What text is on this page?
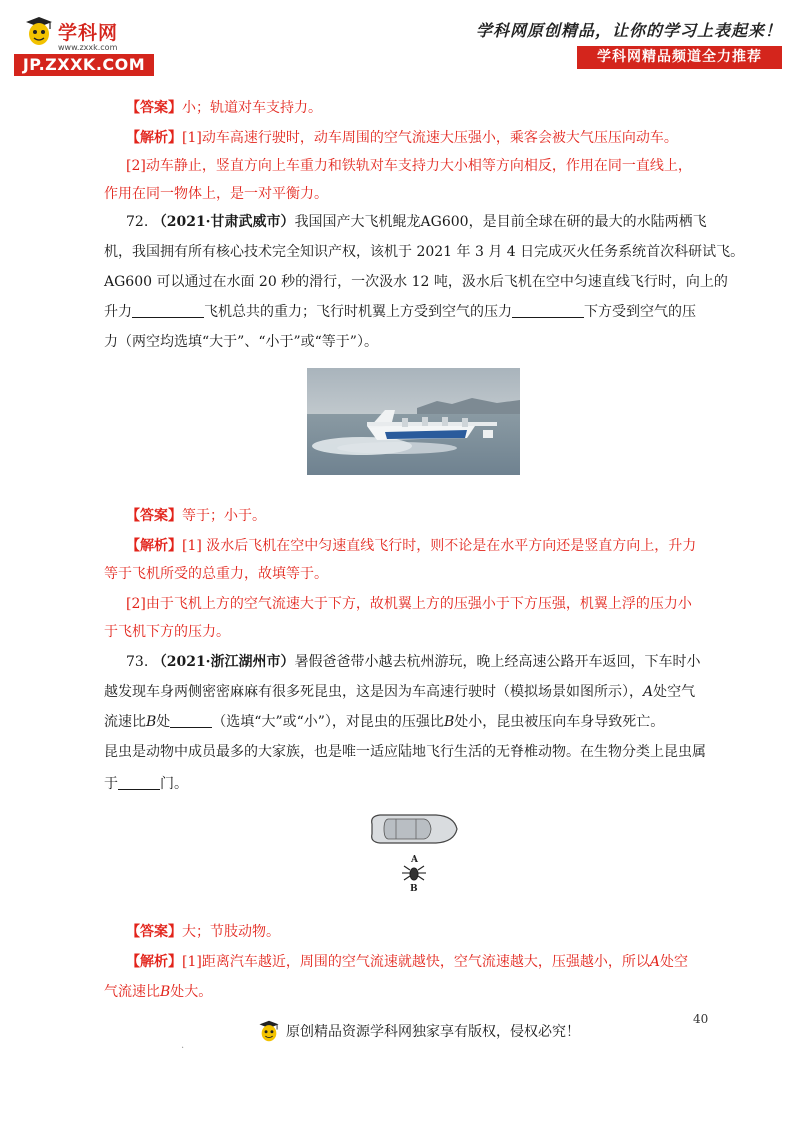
学科网
www.zxxk.com
JP.ZXXK.COM
学科网原创精品，让你的学习上表起来！
学科网精品频道全力推荐
【答案】小；轨道对车支持力。
【解析】[1]动车高速行驶时，动车周围的空气流速大压强小，乘客会被大气压压向动车。
[2]动车静止，竖直方向上车重力和铁轨对车支持力大小相等方向相反，作用在同一直线上，
作用在同一物体上，是一对平衡力。
72. （2021·甘肃武威市）我国国产大飞机鲲龙AG600，是目前全球在研的最大的水陆两栖飞
机，我国拥有所有核心技术完全知识产权，该机于 2021 年 3 月 4 日完成灭火任务系统首次科研试飞。
AG600 可以通过在水面 20 秒的滑行，一次汲水 12 吨，汲水后飞机在空中匀速直线飞行时，向上的
升力	飞机总共的重力；飞行时机翼上方受到空气的压力	下方受到空气的压
力（两空均选填“大于”、“小于”或“等于”）。
【答案】等于；小于。
【解析】[1] 汲水后飞机在空中匀速直线飞行时，则不论是在水平方向还是竖直方向上，升力
等于飞机所受的总重力，故填等于。
[2]由于飞机上方的空气流速大于下方，故机翼上方的压强小于下方压强，机翼上浮的压力小
于飞机下方的压力。
73. （2021·浙江湖州市）暑假爸爸带小越去杭州游玩，晚上经高速公路开车返回，下车时小
越发现车身两侧密密麻麻有很多死昆虫，这是因为车高速行驶时（模拟场景如图所示），A处空气
流速比B处	（选填“大”或“小”），对昆虫的压强比B处小，昆虫被压向车身导致死亡。
昆虫是动物中成员最多的大家族，也是唯一适应陆地飞行生活的无脊椎动物。在生物分类上昆虫属
于	门。
A
B
【答案】大；节肢动物。
【解析】[1]距离汽车越近，周围的空气流速就越快，空气流速越大，压强越小，所以A处空
气流速比B处大。
40
.
原创精品资源学科网独家享有版权，侵权必究！
